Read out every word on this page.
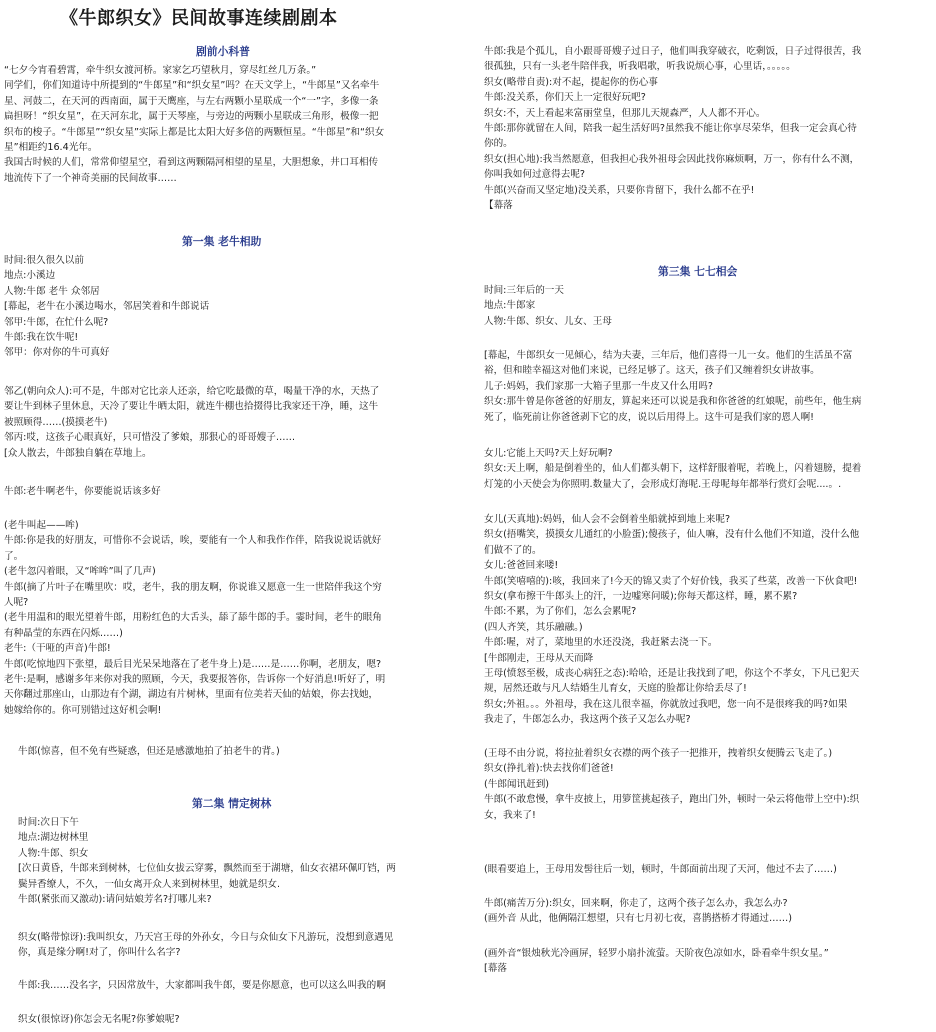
《牛郎织女》民间故事连续剧剧本
剧前小科普
“七夕今宵看碧霄，牵牛织女渡河桥。家家乞巧望秋月，穿尽红丝几万条。”
同学们，你们知道诗中所提到的“牛郎星”和“织女星”吗？在天文学上，“牛郎星”又名牵牛
星、河鼓二，在天河的西南面，属于天鹰座，与左右两颗小星联成一个“一”字，多像一条
扁担呀！“织女星”，在天河东北，属于天琴座，与旁边的两颗小星联成三角形，极像一把
织布的梭子。“牛郎星”“织女星”实际上都是比太阳大好多倍的两颗恒星。“牛郎星”和“织女
星”相距约16.4光年。
我国古时候的人们，常常仰望星空，看到这两颗隔河相望的星星，大胆想象，井口耳相传
地流传下了一个神奇美丽的民间故事……
第一集 老牛相助
时间:很久很久以前
地点:小溪边
人物:牛郎 老牛 众邻居
[幕起，老牛在小溪边喝水，邻居笑着和牛郎说话
邻甲:牛郎，在忙什么呢?
牛郎:我在饮牛呢!
邻甲：你对你的牛可真好
邻乙(朝向众人):可不是，牛郎对它比亲人还亲，给它吃最微的草，喝量干净的水，天热了
要让牛到林子里休息，天冷了要让牛晒太阳，就连牛棚也拾掇得比我家还干净，睡，这牛
被照顾得……(摸摸老牛)
邻丙:哎，这孩子心眼真好，只可惜没了爹娘，那狠心的哥哥嫂子……
[众人散去，牛郎独自躺在草地上。
牛郎:老牛啊老牛，你要能说话该多好
(老牛叫起——哞)
牛郎:你是我的好朋友，可惜你不会说话，唉，要能有一个人和我作作伴，陪我说说话就好
了。
(老牛忽闪着眼，又“哞哞”叫了几声)
牛郎(摘了片叶子在嘴里吹：哎，老牛，我的朋友啊，你说谁又愿意一生一世陪伴我这个穷
人呢?
(老牛用温和的眼光望着牛郎，用粉红色的大舌头，舔了舔牛郎的手。霎时间，老牛的眼角
有种晶莹的东西在闪烁……)
老牛:（干哑的声音)牛郎!
牛郎(吃惊地四下张望，最后目光呆呆地落在了老牛身上)是……是……你啊，老朋友，嗯?
老牛:是啊，感谢多年来你对我的照顾，今天，我要报答你，告诉你一个好消息!听好了，明
天你翻过那座山，山那边有个湖，湖边有片树林，里面有位美若天仙的姑娘，你去找她，
她嫁给你的。你可别错过这好机会啊!
牛郎(惊喜，但不免有些疑惑，但还是感激地拍了拍老牛的背。)
第二集 情定树林
时间:次日下午
地点:湖边树林里
人物:牛郎、织女
[次日黄昏，牛郎来到树林，七位仙女拔云穿雾，飘然而至于湖塘，仙女衣裙环佩叮铛，两
鬓异香缭人，不久，一仙女离开众人来到树林里，她就是织女.
牛郎(紧张而又激动):请问姑娘芳名?打哪儿来?
织女(略带惊讶):我叫织女，乃天宫王母的外孙女，今日与众仙女下凡游玩，没想到意遇见
你，真是缘分啊!对了，你叫什么名字?
牛郎:我……没名字，只因常放牛，大家都叫我牛郎，要是你愿意，也可以这么叫我的啊
织女(很惊讶)你怎会无名呢?你爹娘呢?
牛郎:我是个孤儿，自小跟哥哥嫂子过日子，他们叫我穿破衣，吃剩饭，日子过得很苦，我
很孤独，只有一头老牛陪伴我，听我唱歌，听我说烦心事，心里话，。。。。。
织女(略带自责):对不起，提起你的伤心事
牛郎:没关系，你们天上一定很好玩吧?
织女:不，天上看起来富丽堂皇，但那儿天规森严，人人都不开心。
牛郎:那你就留在人间，陪我一起生活好吗?虽然我不能让你享尽荣华，但我一定会真心待
你的。
织女(担心地):我当然愿意，但我担心我外祖母会因此找你麻烦啊，万一，你有什么不测，
你叫我如何过意得去呢?
牛郎(兴奋而又坚定地)没关系，只要你肯留下，我什么都不在乎!
【幕落
第三集 七七相会
时间:三年后的一天
地点:牛郎家
人物:牛郎、织女、儿女、王母
[幕起，牛郎织女一见倾心，结为夫妻，三年后，他们喜得一儿一女。他们的生活虽不富
裕，但和睦幸福这对他们来说，已经足够了。这天，孩子们又缠着织女讲故事。
儿子:妈妈，我们家那一大箱子里那一牛皮又什么用吗?
织女:那牛曾是你爸爸的好朋友，算起来还可以说是我和你爸爸的红娘呢，前些年，他生病
死了，临死前让你爸爸剥下它的皮，说以后用得上。这牛可是我们家的恩人啊!
女儿:它能上天吗?天上好玩啊?
织女:天上啊，船是倒着坐的，仙人们都头朝下，这样舒服着呢，若晚上，闪着翅膀，提着
灯笼的小天使会为你照明.数量大了，会形成灯海呢.王母呢每年都举行赏灯会呢....。.
女儿(天真地):妈妈，仙人会不会倒着坐船就掉到地上来呢?
织女(捂嘴笑，摸摸女儿通红的小脸蛋);傻孩子，仙人嘛，没有什么他们不知道，没什么他
们做不了的。
女儿:爸爸回来喽!
牛郎(笑嘻嘻的):咳，我回来了!今天的锦又卖了个好价钱，我买了些菜，改善一下伙食吧!
织女(拿布擦干牛郎头上的汗，一边嘘寒问暖);你每天都这样，睡，累不累?
牛郎:不累，为了你们，怎么会累呢?
(四人齐笑，其乐融融。)
牛郎:喔，对了，菜地里的水还没浇，我赶紧去浇一下。
[牛郎刚走，王母从天而降
王母(愤怒至极，成丧心病狂之态):哈哈，还是让我找到了吧，你这个不孝女，下凡已犯天
规，居然还敢与凡人结婚生儿育女，天庭的脸都让你给丢尽了!
织女;外祖。。。外祖母，我在这儿很幸福，你就放过我吧，您一向不是很疼我的吗?如果
我走了，牛郎怎么办，我这两个孩子又怎么办呢?
(王母不由分说，将拉扯着织女衣襟的两个孩子一把推开，拽着织女便腾云飞走了。)
织女(挣扎着):快去找你们爸爸!
(牛郎闻讯赶到)
牛郎(不敢怠慢，拿牛皮披上，用箩筐挑起孩子，跑出门外，顿时一朵云将他带上空中):织
女，我来了!
(眼看要追上，王母用发髻往后一划，顿时，牛郎面前出现了天河，他过不去了……)
牛郎(痛苦万分):织女，回来啊，你走了，这两个孩子怎么办，我怎么办?
(画外音 从此，他俩隔江想望，只有七月初七夜，喜鹊搭桥才得通过……)
(画外音“银烛秋光冷画屏，轻罗小扇扑流萤。天阶夜色凉如水，卧看牵牛织女星。”
[幕落
